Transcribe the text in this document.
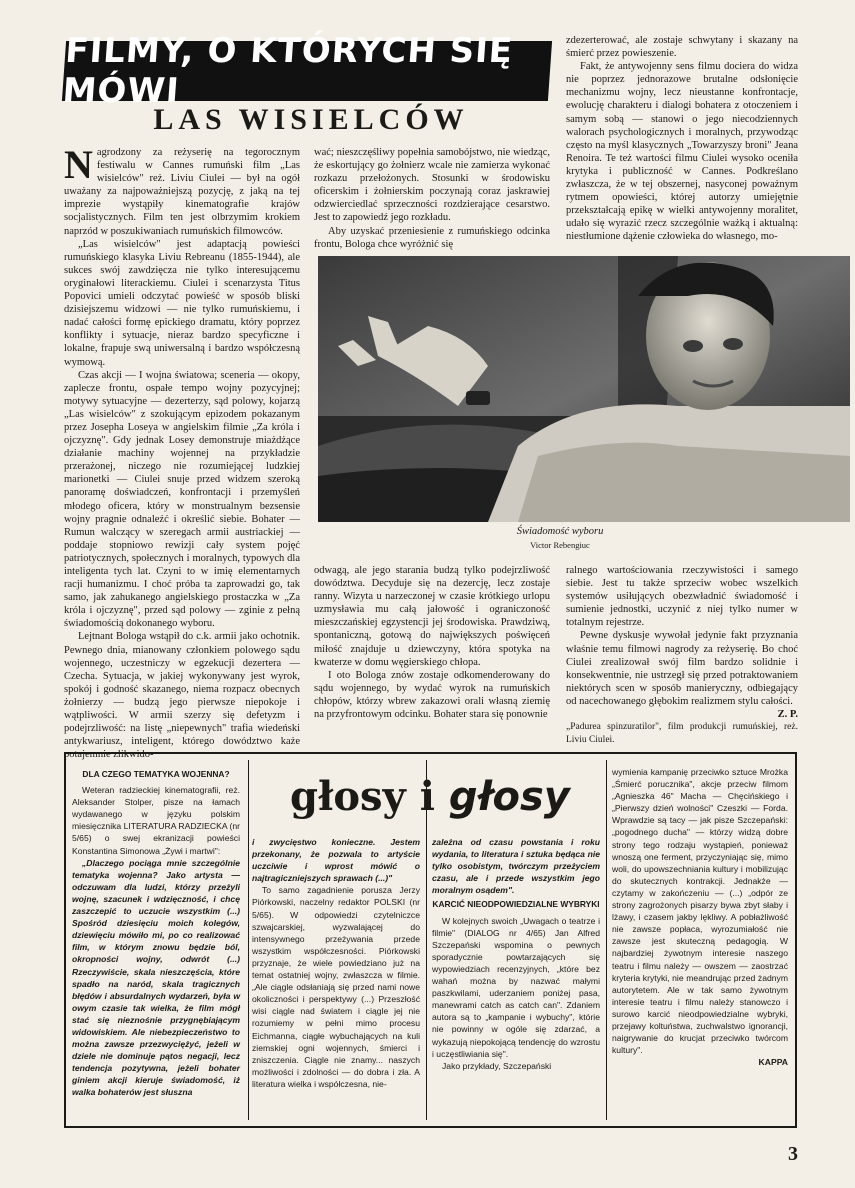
FILMY, O KTÓRYCH SIĘ MÓWI
LAS WISIELCÓW

Nagrodzony za reżyserię na tegorocznym festiwalu w Cannes rumuński film „Las wisielców" reż. Liviu Ciulei — był na ogół uważany za najpoważniejszą pozycję, z jaką na tej imprezie wystąpiły kinematografie krajów socjalistycznych. Film ten jest olbrzymim krokiem naprzód w poszukiwaniach rumuńskich filmowców.

„Las wisielców" jest adaptacją powieści rumuńskiego klasyka Liviu Rebreanu (1855-1944), ale sukces swój zawdzięcza nie tylko interesującemu oryginałowi literackiemu. Ciulei i scenarzysta Titus Popovici umieli odczytać powieść w sposób bliski dzisiejszemu widzowi — nie tylko rumuńskiemu, i nadać całości formę epickiego dramatu, który poprzez konflikty i sytuacje, nieraz bardzo specyficzne i lokalne, frapuje swą uniwersalną i bardzo współczesną wymową.

Czas akcji — I wojna światowa; sceneria — okopy, zaplecze frontu, ospałe tempo wojny pozycyjnej; motywy sytuacyjne — dezerterzy, sąd polowy, kojarzą „Las wisielców" z szokującym epizodem pokazanym przez Josepha Loseya w angielskim filmie „Za króla i ojczyznę". Gdy jednak Losey demonstruje miażdżące działanie machiny wojennej na przykładzie przerażonej, niczego nie rozumiejącej ludzkiej marionetki — Ciulei snuje przed widzem szeroką panoramę doświadczeń, konfrontacji i przemyśleń młodego oficera, który w monstrualnym bezsensie wojny pragnie odnaleźć i określić siebie. Bohater — Rumun walczący w szeregach armii austriackiej — poddaje stopniowo rewizji cały system pojęć patriotycznych, społecznych i moralnych, typowych dla inteligenta tych lat. Czyni to w imię elementarnych racji humanizmu. I choć próba ta zaprowadzi go, tak samo, jak zahukanego angielskiego prostaczka w „Za króla i ojczyznę", przed sąd polowy — zginie z pełną świadomością dokonanego wyboru.

Lejtnant Bologa wstąpił do c.k. armii jako ochotnik. Pewnego dnia, mianowany członkiem polowego sądu wojennego, uczestniczy w egzekucji dezertera — Czecha. Sytuacja, w jakiej wykonywany jest wyrok, spokój i godność skazanego, niema rozpacz obecnych żołnierzy — budzą jego pierwsze niepokoje i wątpliwości. W armii szerzy się defetyzm i podejrzliwość: na listę „niepewnych" trafia wiedeński antykwariusz, inteligent, którego dowództwo każe potajemnie zlikwido-

wać; nieszczęśliwy popełnia samobójstwo, nie wiedząc, że eskortujący go żołnierz wcale nie zamierza wykonać rozkazu przełożonych. Stosunki w środowisku oficerskim i żołnierskim poczynają coraz jaskrawiej odzwierciedlać sprzeczności rozdzierające cesarstwo. Jest to zapowiedź jego rozkładu.

Aby uzyskać przeniesienie z rumuńskiego odcinka frontu, Bologa chce wyróżnić się

zdezerterować, ale zostaje schwytany i skazany na śmierć przez powieszenie.

Fakt, że antywojenny sens filmu dociera do widza nie poprzez jednorazowe brutalne odsłonięcie mechanizmu wojny, lecz nieustanne konfrontacje, ewolucję charakteru i dialogi bohatera z otoczeniem i samym sobą — stanowi o jego niecodziennych walorach psychologicznych i moralnych, przywodząc często na myśl klasycznych „Towarzyszy broni" Jeana Renoira. Te też wartości filmu Ciulei wysoko oceniła krytyka i publiczność w Cannes. Podkreślano zwłaszcza, że w tej obszernej, nasyconej poważnym rytmem opowieści, której autorzy umiejętnie przekształcają epikę w wielki antywojenny moralitet, udało się wyrazić rzecz szczególnie ważką i aktualną: niestłumione dążenie człowieka do własnego, mo-

Świadomość wyboru
Victor Rebengiuc

odwagą, ale jego starania budzą tylko podejrzliwość dowództwa. Decyduje się na dezercję, lecz zostaje ranny. Wizyta u narzeczonej w czasie krótkiego urlopu uzmysławia mu całą jałowość i ograniczoność mieszczańskiej egzystencji jej środowiska. Prawdziwą, spontaniczną, gotową do największych poświęceń miłość znajduje u dziewczyny, która spotyka na kwaterze w domu węgierskiego chłopa.

I oto Bologa znów zostaje odkomenderowany do sądu wojennego, by wydać wyrok na rumuńskich chłopów, którzy wbrew zakazowi orali własną ziemię na przyfrontowym odcinku. Bohater stara się ponownie

ralnego wartościowania rzeczywistości i samego siebie. Jest tu także sprzeciw wobec wszelkich systemów usiłujących obezwładnić świadomość i sumienie jednostki, uczynić z niej tylko numer w totalnym rejestrze.

Pewne dyskusje wywołał jedynie fakt przyznania właśnie temu filmowi nagrody za reżyserię. Bo choć Ciulei zrealizował swój film bardzo solidnie i konsekwentnie, nie ustrzegł się przed potraktowaniem niektórych scen w sposób manieryczny, odbiegający od nacechowanego głębokim realizmem stylu całości.

Z. P.

„Padurea spinzuratilor", film produkcji rumuńskiej, reż. Liviu Ciulei.

głosy i głosy

DLA CZEGO TEMATYKA WOJENNA?

Weteran radzieckiej kinematografii, reż. Aleksander Stolper, pisze na łamach wydawanego w języku polskim miesięcznika LITERATURA RADZIECKA (nr 5/65) o swej ekranizacji powieści Konstantina Simonowa „Żywi i martwi":

„Dlaczego pociąga mnie szczególnie tematyka wojenna? Jako artysta — odczuwam dla ludzi, którzy przeżyli wojnę, szacunek i wdzięczność, i chcę zaszczepić to uczucie wszystkim (...) Spośród dziesięciu moich kolegów, dziewięciu mówiło mi, po co realizować film, w którym znowu będzie ból, okropności wojny, odwrót (...) Rzeczywiście, skala nieszczęścia, które spadło na naród, skala tragicznych błędów i absurdalnych wydarzeń, była w owym czasie tak wielka, że film mógł stać się nieznośnie przygnębiającym widowiskiem. Ale niebezpieczeństwo to można zawsze przezwyciężyć, jeżeli w dziele nie dominuje pątos negacji, lecz tendencja pozytywna, jeżeli bohater giniem akcji kieruje świadomość, iż walka bohaterów jest słuszna

i zwycięstwo konieczne. Jestem przekonany, że pozwala to artyście uczciwie i wprost mówić o najtragiczniejszych sprawach (...)"

To samo zagadnienie porusza Jerzy Piórkowski, naczelny redaktor POLSKI (nr 5/65). W odpowiedzi czytelniczce szwajcarskiej, wyzwalającej do intensywnego przeżywania przede wszystkim współczesności. Piórkowski przyznaje, że wiele powiedziano już na temat ostatniej wojny, zwłaszcza w filmie. „Ale ciągle odsłaniają się przed nami nowe okoliczności i perspektywy (...) Przeszłość wisi ciągle nad światem i ciągle jej nie rozumiemy w pełni mimo procesu Eichmanna, ciągłe wybuchających na kuli ziemskiej ogni wojennych, śmierci i zniszczenia. Ciągle nie znamy... naszych możliwości i zdolności — do dobra i zła. A literatura wielka i współczesna, nie-

zależna od czasu powstania i roku wydania, to literatura i sztuka będąca nie tylko osobistym, twórczym przeżyciem czasu, ale i przede wszystkim jego moralnym osądem".

KARCIĆ NIEODPOWIEDZIALNE WYBRYKI

W kolejnych swoich „Uwagach o teatrze i filmie" (DIALOG nr 4/65) Jan Alfred Szczepański wspomina o pewnych sporadycznie powtarzających się wypowiedziach recenzyjnych, „które bez wahań można by nazwać małymi paszkwilami, uderzaniem poniżej pasa, manewrami catch as catch can". Zdaniem autora są to „kampanie i wybuchy", którie nie powinny w ogóle się zdarzać, a wykazują niepokojącą tendencję do wzrostu i uczęstliwiania się".

Jako przykłady, Szczepański

wymienia kampanię przeciwko sztuce Mrożka „Śmierć porucznika", akcje przeciw filmom „Agnieszka 46" Macha — Chęcińskiego i „Pierwszy dzień wolności" Czeszki — Forda. Wprawdzie są tacy — jak pisze Szczepański: „pogodnego ducha" — którzy widzą dobre strony tego rodzaju wystąpień, ponieważ wnoszą one ferment, przyczyniając się, mimo woli, do upowszechniania kultury i mobilizując do skutecznych kontrakcji. Jednakże — czytamy w zakończeniu — (...) „odpór ze strony zagrożonych pisarzy bywa zbyt słaby i lżawy, i czasem jakby lękliwy. A pobłażliwość nie zawsze popłaca, wyrozumiałość nie zawsze jest skuteczną pedagogią. W najbardziej żywotnym interesie naszego teatru i filmu należy — owszem — zaostrzać kryteria krytyki, nie meandrując przed żadnym autorytetem. Ale w tak samo żywotnym interesie teatru i filmu należy stanowczo i surowo karcić nieodpowiedzialne wybryki, przejawy koltuństwa, zuchwalstwo ignorancji, naigrywanie do krucjat przeciwko twórcom kultury".

KAPPA

3
